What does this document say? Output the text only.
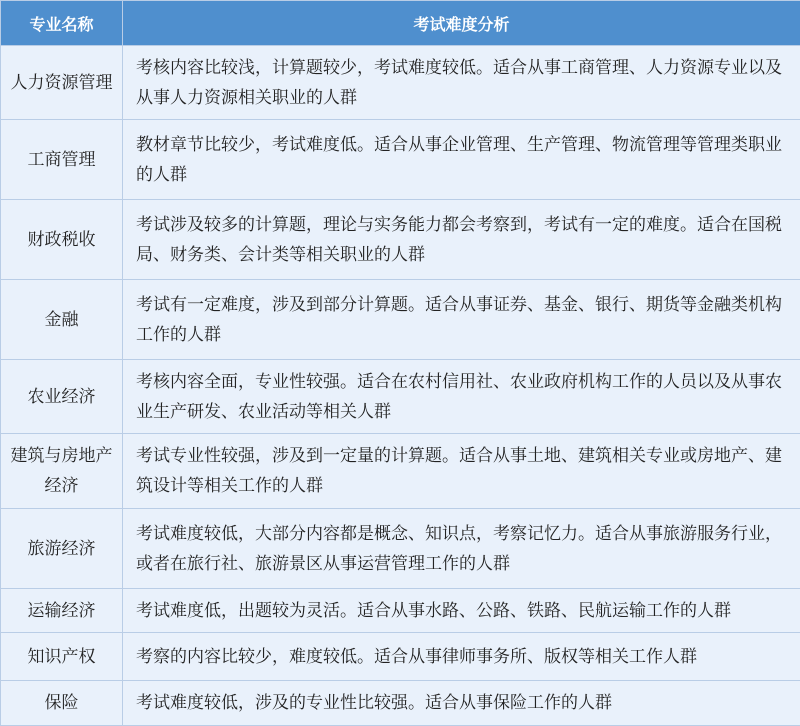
专业名称	考试难度分析
人力资源管理	考核内容比较浅，计算题较少，考试难度较低。适合从事工商管理、人力资源专业以及从事人力资源相关职业的人群
工商管理	教材章节比较少，考试难度低。适合从事企业管理、生产管理、物流管理等管理类职业的人群
财政税收	考试涉及较多的计算题，理论与实务能力都会考察到，考试有一定的难度。适合在国税局、财务类、会计类等相关职业的人群
金融	考试有一定难度，涉及到部分计算题。适合从事证券、基金、银行、期货等金融类机构工作的人群
农业经济	考核内容全面，专业性较强。适合在农村信用社、农业政府机构工作的人员以及从事农业生产研发、农业活动等相关人群
建筑与房地产经济	考试专业性较强，涉及到一定量的计算题。适合从事土地、建筑相关专业或房地产、建筑设计等相关工作的人群
旅游经济	考试难度较低，大部分内容都是概念、知识点，考察记忆力。适合从事旅游服务行业，或者在旅行社、旅游景区从事运营管理工作的人群
运输经济	考试难度低，出题较为灵活。适合从事水路、公路、铁路、民航运输工作的人群
知识产权	考察的内容比较少，难度较低。适合从事律师事务所、版权等相关工作人群
保险	考试难度较低，涉及的专业性比较强。适合从事保险工作的人群
